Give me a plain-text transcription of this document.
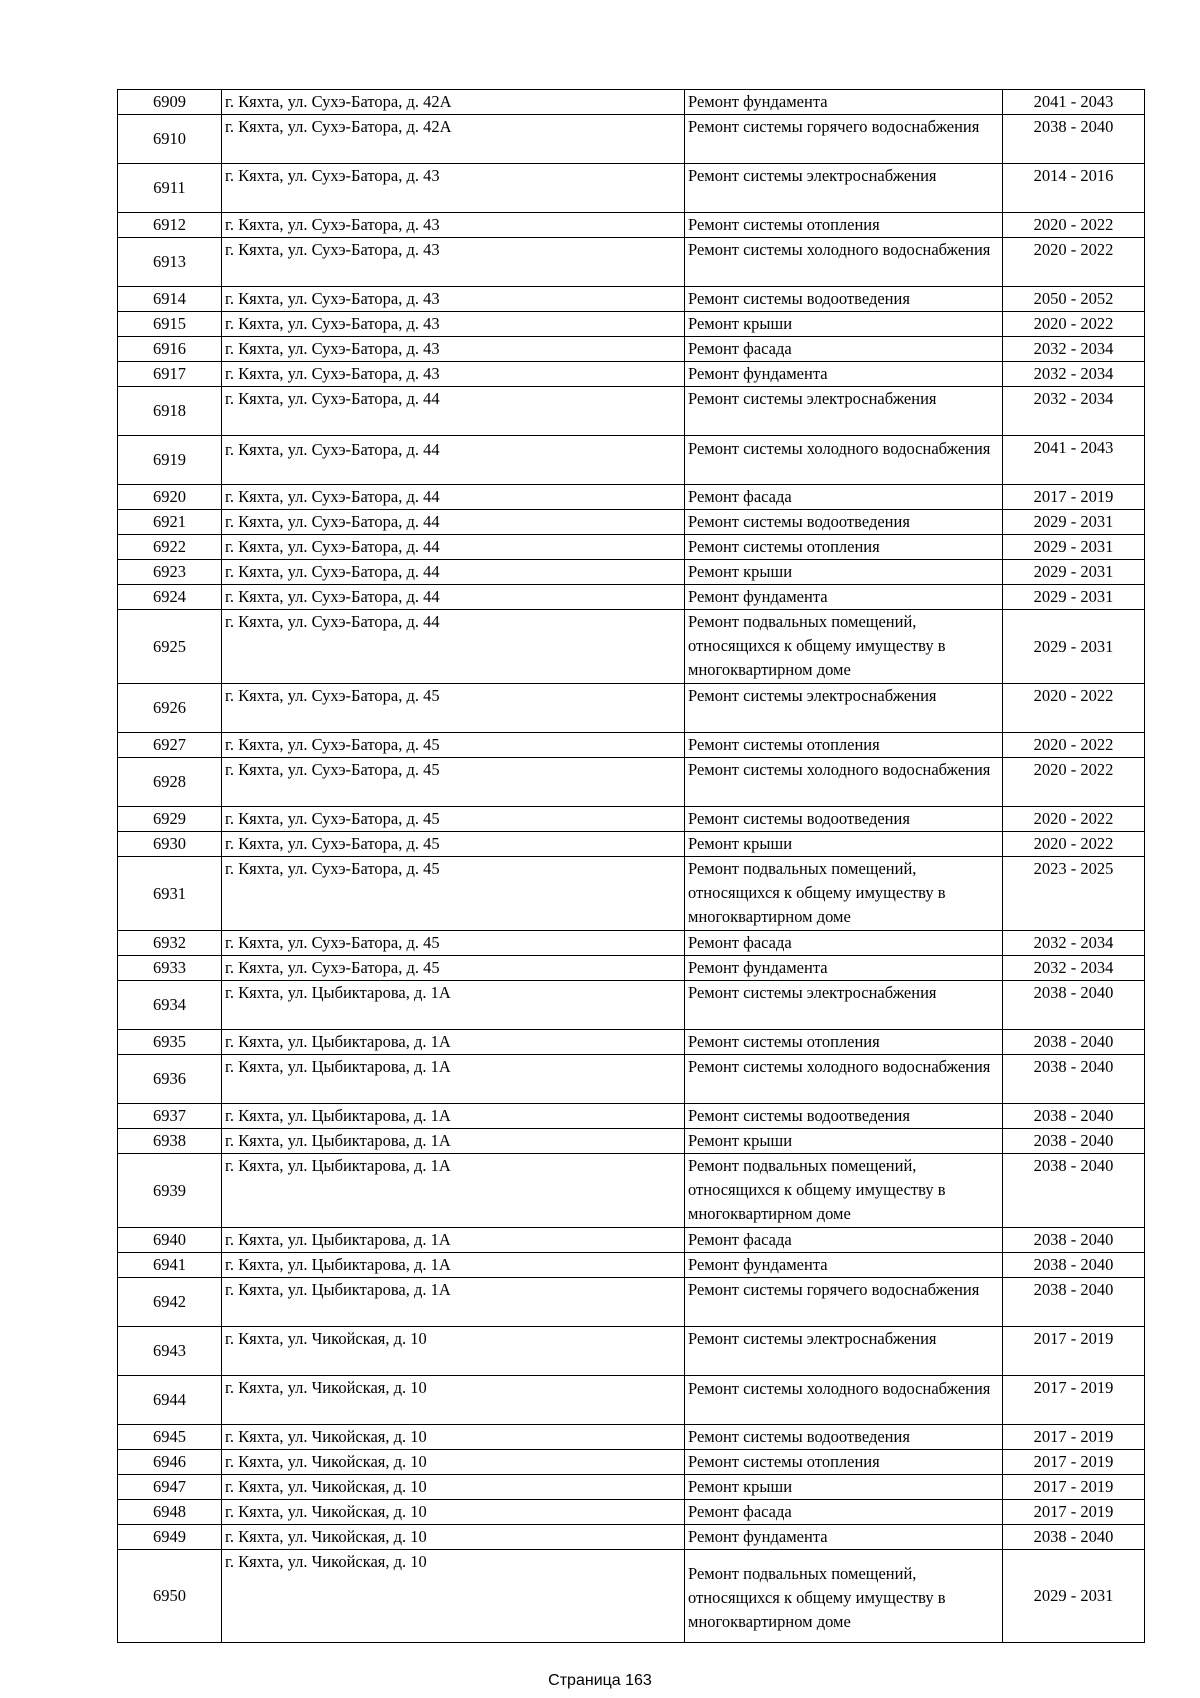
6909	г. Кяхта, ул. Сухэ-Батора, д. 42А	Ремонт фундамента	2041 - 2043
6910	г. Кяхта, ул. Сухэ-Батора, д. 42А	Ремонт системы горячего водоснабжения	2038 - 2040
6911	г. Кяхта, ул. Сухэ-Батора, д. 43	Ремонт системы электроснабжения	2014 - 2016
6912	г. Кяхта, ул. Сухэ-Батора, д. 43	Ремонт системы отопления	2020 - 2022
6913	г. Кяхта, ул. Сухэ-Батора, д. 43	Ремонт системы холодного водоснабжения	2020 - 2022
6914	г. Кяхта, ул. Сухэ-Батора, д. 43	Ремонт системы водоотведения	2050 - 2052
6915	г. Кяхта, ул. Сухэ-Батора, д. 43	Ремонт крыши	2020 - 2022
6916	г. Кяхта, ул. Сухэ-Батора, д. 43	Ремонт фасада	2032 - 2034
6917	г. Кяхта, ул. Сухэ-Батора, д. 43	Ремонт фундамента	2032 - 2034
6918	г. Кяхта, ул. Сухэ-Батора, д. 44	Ремонт системы электроснабжения	2032 - 2034
6919	г. Кяхта, ул. Сухэ-Батора, д. 44	Ремонт системы холодного водоснабжения	2041 - 2043
6920	г. Кяхта, ул. Сухэ-Батора, д. 44	Ремонт фасада	2017 - 2019
6921	г. Кяхта, ул. Сухэ-Батора, д. 44	Ремонт системы водоотведения	2029 - 2031
6922	г. Кяхта, ул. Сухэ-Батора, д. 44	Ремонт системы отопления	2029 - 2031
6923	г. Кяхта, ул. Сухэ-Батора, д. 44	Ремонт крыши	2029 - 2031
6924	г. Кяхта, ул. Сухэ-Батора, д. 44	Ремонт фундамента	2029 - 2031
6925	г. Кяхта, ул. Сухэ-Батора, д. 44	Ремонт подвальных помещений, относящихся к общему имуществу в многоквартирном доме	2029 - 2031
6926	г. Кяхта, ул. Сухэ-Батора, д. 45	Ремонт системы электроснабжения	2020 - 2022
6927	г. Кяхта, ул. Сухэ-Батора, д. 45	Ремонт системы отопления	2020 - 2022
6928	г. Кяхта, ул. Сухэ-Батора, д. 45	Ремонт системы холодного водоснабжения	2020 - 2022
6929	г. Кяхта, ул. Сухэ-Батора, д. 45	Ремонт системы водоотведения	2020 - 2022
6930	г. Кяхта, ул. Сухэ-Батора, д. 45	Ремонт крыши	2020 - 2022
6931	г. Кяхта, ул. Сухэ-Батора, д. 45	Ремонт подвальных помещений, относящихся к общему имуществу в многоквартирном доме	2023 - 2025
6932	г. Кяхта, ул. Сухэ-Батора, д. 45	Ремонт фасада	2032 - 2034
6933	г. Кяхта, ул. Сухэ-Батора, д. 45	Ремонт фундамента	2032 - 2034
6934	г. Кяхта, ул. Цыбиктарова, д. 1А	Ремонт системы электроснабжения	2038 - 2040
6935	г. Кяхта, ул. Цыбиктарова, д. 1А	Ремонт системы отопления	2038 - 2040
6936	г. Кяхта, ул. Цыбиктарова, д. 1А	Ремонт системы холодного водоснабжения	2038 - 2040
6937	г. Кяхта, ул. Цыбиктарова, д. 1А	Ремонт системы водоотведения	2038 - 2040
6938	г. Кяхта, ул. Цыбиктарова, д. 1А	Ремонт крыши	2038 - 2040
6939	г. Кяхта, ул. Цыбиктарова, д. 1А	Ремонт подвальных помещений, относящихся к общему имуществу в многоквартирном доме	2038 - 2040
6940	г. Кяхта, ул. Цыбиктарова, д. 1А	Ремонт фасада	2038 - 2040
6941	г. Кяхта, ул. Цыбиктарова, д. 1А	Ремонт фундамента	2038 - 2040
6942	г. Кяхта, ул. Цыбиктарова, д. 1А	Ремонт системы горячего водоснабжения	2038 - 2040
6943	г. Кяхта, ул. Чикойская, д. 10	Ремонт системы электроснабжения	2017 - 2019
6944	г. Кяхта, ул. Чикойская, д. 10	Ремонт системы холодного водоснабжения	2017 - 2019
6945	г. Кяхта, ул. Чикойская, д. 10	Ремонт системы водоотведения	2017 - 2019
6946	г. Кяхта, ул. Чикойская, д. 10	Ремонт системы отопления	2017 - 2019
6947	г. Кяхта, ул. Чикойская, д. 10	Ремонт крыши	2017 - 2019
6948	г. Кяхта, ул. Чикойская, д. 10	Ремонт фасада	2017 - 2019
6949	г. Кяхта, ул. Чикойская, д. 10	Ремонт фундамента	2038 - 2040
6950	г. Кяхта, ул. Чикойская, д. 10	Ремонт подвальных помещений, относящихся к общему имуществу в многоквартирном доме	2029 - 2031
Страница 163
